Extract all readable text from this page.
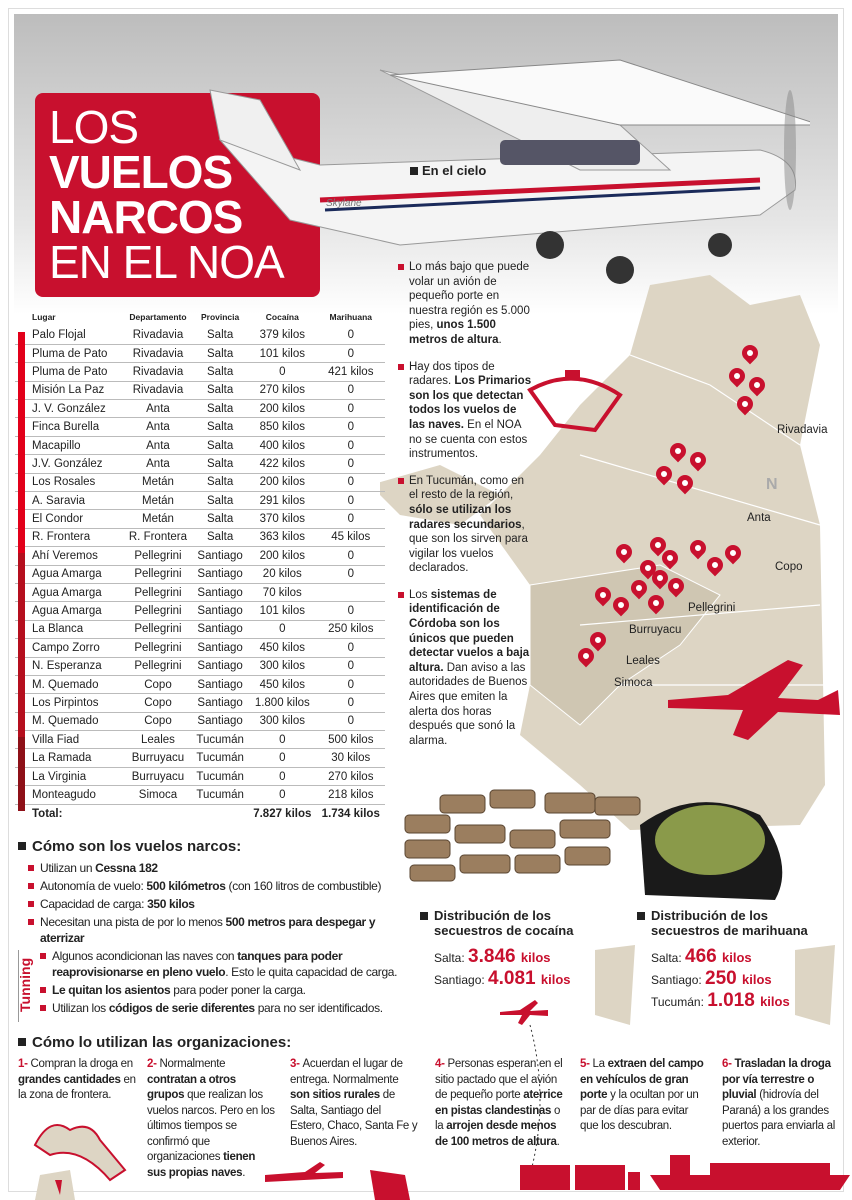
LOS
VUELOS
NARCOS
EN EL NOA
Skylane
En el cielo
Rivadavia
Anta
Copo
Pellegrini
Burruyacu
Leales
Simoca
N
Lugar	Departamento	Provincia	Cocaína	Marihuana
Palo Flojal	Rivadavia	Salta	379 kilos	0
Pluma de Pato	Rivadavia	Salta	101 kilos	0
Pluma de Pato	Rivadavia	Salta	0	421 kilos
Misión La Paz	Rivadavia	Salta	270 kilos	0
J. V. González	Anta	Salta	200 kilos	0
Finca Burella	Anta	Salta	850 kilos	0
Macapillo	Anta	Salta	400 kilos	0
J.V. González	Anta	Salta	422 kilos	0
Los Rosales	Metán	Salta	200 kilos	0
A. Saravia	Metán	Salta	291 kilos	0
El Condor	Metán	Salta	370 kilos	0
R. Frontera	R. Frontera	Salta	363 kilos	45 kilos
Ahí Veremos	Pellegrini	Santiago	200 kilos	0
Agua Amarga	Pellegrini	Santiago	20 kilos	0
Agua Amarga	Pellegrini	Santiago	70 kilos	
Agua Amarga	Pellegrini	Santiago	101 kilos	0
La Blanca	Pellegrini	Santiago	0	250 kilos
Campo Zorro	Pellegrini	Santiago	450 kilos	0
N. Esperanza	Pellegrini	Santiago	300 kilos	0
M. Quemado	Copo	Santiago	450 kilos	0
Los Pirpintos	Copo	Santiago	1.800 kilos	0
M. Quemado	Copo	Santiago	300 kilos	0
Villa Fiad	Leales	Tucumán	0	500 kilos
La Ramada	Burruyacu	Tucumán	0	30 kilos
La Virginia	Burruyacu	Tucumán	0	270 kilos
Monteagudo	Simoca	Tucumán	0	218 kilos
Total:			7.827 kilos	1.734 kilos

Lo más bajo que puede volar un avión de pequeño porte en nuestra región es 5.000 pies, unos 1.500 metros de altura.

Hay dos tipos de radares. Los Primarios son los que detectan todos los vuelos de las naves. En el NOA no se cuenta con estos instrumentos.

En Tucumán, como en el resto de la región, sólo se utilizan los radares secundarios, que son los sirven para vigilar los vuelos declarados.

Los sistemas de identificación de Córdoba son los únicos que pueden detectar vuelos a baja altura. Dan aviso a las autoridades de Buenos Aires que emiten la alerta dos horas después que sonó la alarma.

Cómo son los vuelos narcos:

Utilizan un Cessna 182

Autonomía de vuelo: 500 kilómetros (con 160 litros de combustible)

Capacidad de carga: 350 kilos

Necesitan una pista de por lo menos 500 metros para despegar y aterrizar

Tunning

Algunos acondicionan las naves con tanques para poder reaprovisionarse en pleno vuelo. Esto le quita capacidad de carga.

Le quitan los asientos para poder poner la carga.

Utilizan los códigos de serie diferentes para no ser identificados.

Distribución de los secuestros de cocaína
Salta: 3.846 kilos
Santiago: 4.081 kilos
Distribución de los secuestros de marihuana
Salta: 466 kilos
Santiago: 250 kilos
Tucumán: 1.018 kilos
Cómo lo utilizan las organizaciones:
1- Compran la droga en grandes cantidades en la zona de frontera.
2- Normalmente contratan a otros grupos que realizan los vuelos narcos. Pero en los últimos tiempos se confirmó que organizaciones tienen sus propias naves.
3- Acuerdan el lugar de entrega. Normalmente son sitios rurales de Salta, Santiago del Estero, Chaco, Santa Fe y Buenos Aires.
4- Personas esperan en el sitio pactado que el avión de pequeño porte aterrice en pistas clandestinas o la arrojen desde menos de 100 metros de altura.
5- La extraen del campo en vehículos de gran porte y la ocultan por un par de días para evitar que los descubran.
6- Trasladan la droga por vía terrestre o pluvial (hidrovía del Paraná) a los grandes puertos para enviarla al exterior.
